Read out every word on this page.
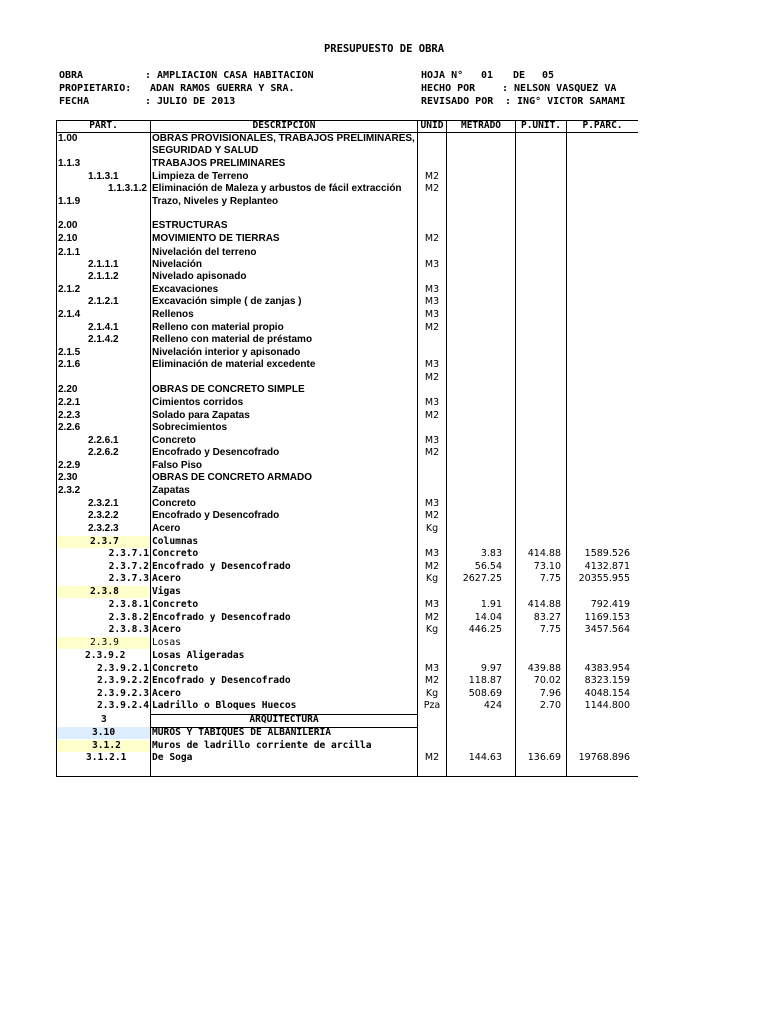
PRESUPUESTO DE OBRA
OBRA	: AMPLIACION CASA HABITACION
PROPIETARIO: ADAN RAMOS GUERRA Y SRA.
FECHA	: JULIO DE 2013
HOJA N° 01 DE 05
HECHO POR	: NELSON VASQUEZ VA
REVISADO POR : ING° VICTOR SAMAMI
PART.	DESCRIPCION	UNID	METRADO	P.UNIT.	P.PARC.
1.00	OBRAS PROVISIONALES, TRABAJOS PRELIMINARES,
SEGURIDAD Y SALUD
1.1.3	TRABAJOS PRELIMINARES
1.1.3.1	Limpieza de Terreno	M2
1.1.3.1.2 Eliminación de Maleza y arbustos de fácil extracción	M2
1.1.9	Trazo, Niveles y Replanteo
2.00	ESTRUCTURAS
2.10	MOVIMIENTO DE TIERRAS	M2
2.1.1	Nivelación del terreno
2.1.1.1	Nivelación	M3
2.1.1.2	Nivelado apisonado
2.1.2	Excavaciones	M3
2.1.2.1	Excavación simple ( de zanjas )	M3
2.1.4	Rellenos	M3
2.1.4.1	Relleno con material propio	M2
2.1.4.2	Relleno con material de préstamo
2.1.5	Nivelación interior y apisonado
2.1.6	Eliminación de material excedente	M3
M2
2.20	OBRAS DE CONCRETO SIMPLE
2.2.1	Cimientos corridos	M3
2.2.3	Solado para Zapatas	M2
2.2.6	Sobrecimientos
2.2.6.1	Concreto	M3
2.2.6.2	Encofrado y Desencofrado	M2
2.2.9	Falso Piso
2.30	OBRAS DE CONCRETO ARMADO
2.3.2	Zapatas
2.3.2.1	Concreto	M3
2.3.2.2	Encofrado y Desencofrado	M2
2.3.2.3	Acero	Kg
2.3.7	Columnas
2.3.7.1 Concreto	M3	3.83	414.88	1589.526
2.3.7.2 Encofrado y Desencofrado	M2	56.54	73.10	4132.871
2.3.7.3 Acero	Kg	2627.25	7.75	20355.955
2.3.8	Vigas
2.3.8.1 Concreto	M3	1.91	414.88	792.419
2.3.8.2 Encofrado y Desencofrado	M2	14.04	83.27	1169.153
2.3.8.3 Acero	Kg	446.25	7.75	3457.564
2.3.9	Losas
2.3.9.2	Losas Aligeradas
2.3.9.2.1 Concreto	M3	9.97	439.88	4383.954
2.3.9.2.2 Encofrado y Desencofrado	M2	118.87	70.02	8323.159
2.3.9.2.3 Acero	Kg	508.69	7.96	4048.154
2.3.9.2.4 Ladrillo o Bloques Huecos	Pza	424	2.70	1144.800
3	ARQUITECTURA
3.10	MUROS Y TABIQUES DE ALBANILERIA
3.1.2	Muros de ladrillo corriente de arcilla
3.1.2.1	De Soga	M2	144.63	136.69	19768.896
